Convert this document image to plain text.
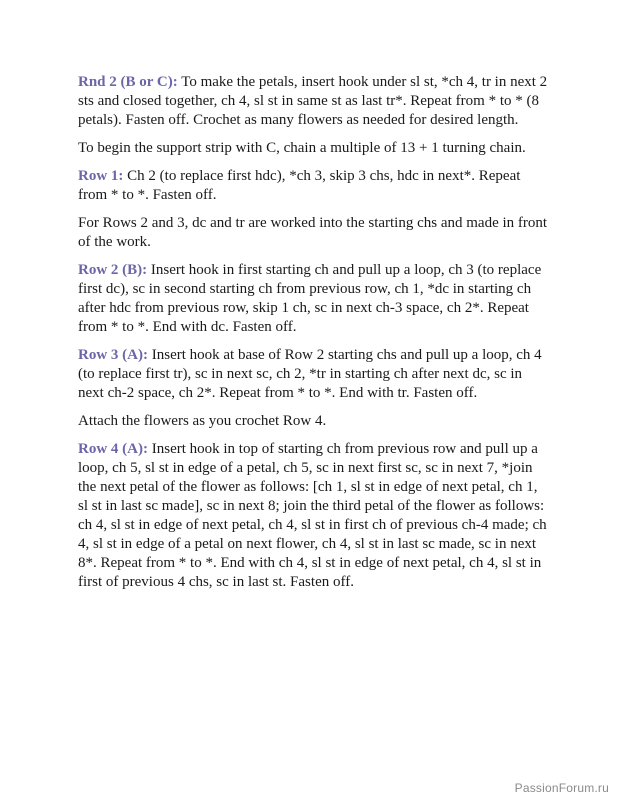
Rnd 2 (B or C): To make the petals, insert hook under sl st, *ch 4, tr in next 2 sts and closed together, ch 4, sl st in same st as last tr*. Repeat from * to * (8 petals). Fasten off. Crochet as many flowers as needed for desired length.

To begin the support strip with C, chain a multiple of 13 + 1 turning chain.

Row 1: Ch 2 (to replace first hdc), *ch 3, skip 3 chs, hdc in next*. Repeat from * to *. Fasten off.

For Rows 2 and 3, dc and tr are worked into the starting chs and made in front of the work.

Row 2 (B): Insert hook in first starting ch and pull up a loop, ch 3 (to replace first dc), sc in second starting ch from previous row, ch 1, *dc in starting ch after hdc from previous row, skip 1 ch, sc in next ch-3 space, ch 2*. Repeat from * to *. End with dc. Fasten off.

Row 3 (A): Insert hook at base of Row 2 starting chs and pull up a loop, ch 4 (to replace first tr), sc in next sc, ch 2, *tr in starting ch after next dc, sc in next ch-2 space, ch 2*. Repeat from * to *. End with tr. Fasten off.

Attach the flowers as you crochet Row 4.

Row 4 (A): Insert hook in top of starting ch from previous row and pull up a loop, ch 5, sl st in edge of a petal, ch 5, sc in next first sc, sc in next 7, *join the next petal of the flower as follows: [ch 1, sl st in edge of next petal, ch 1, sl st in last sc made], sc in next 8; join the third petal of the flower as follows: ch 4, sl st in edge of next petal, ch 4, sl st in first ch of previous ch-4 made; ch 4, sl st in edge of a petal on next flower, ch 4, sl st in last sc made, sc in next 8*. Repeat from * to *. End with ch 4, sl st in edge of next petal, ch 4, sl st in first of previous 4 chs, sc in last st. Fasten off.

PassionForum.ru
